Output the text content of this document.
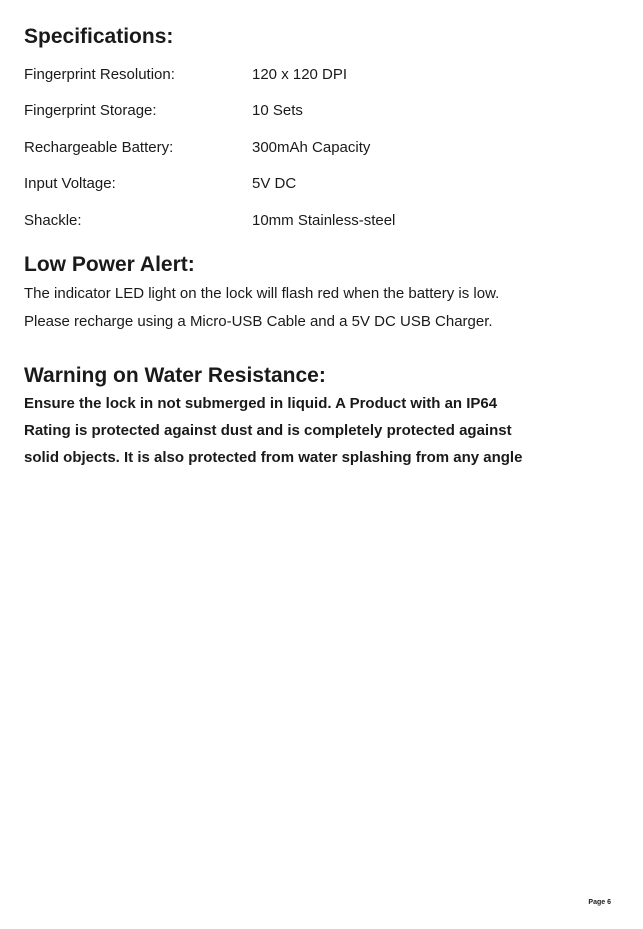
Specifications:
Fingerprint Resolution:	120 x 120 DPI
Fingerprint Storage:	10 Sets
Rechargeable Battery:	300mAh Capacity
Input Voltage:	5V DC
Shackle:	10mm Stainless-steel
Low Power Alert:
The indicator LED light on the lock will flash red when the battery is low.
Please recharge using a Micro-USB Cable and a 5V DC USB Charger.
Warning on Water Resistance:
Ensure the lock in not submerged in liquid. A Product with an IP64
Rating is protected against dust and is completely protected against
solid objects. It is also protected from water splashing from any angle
Page 6
